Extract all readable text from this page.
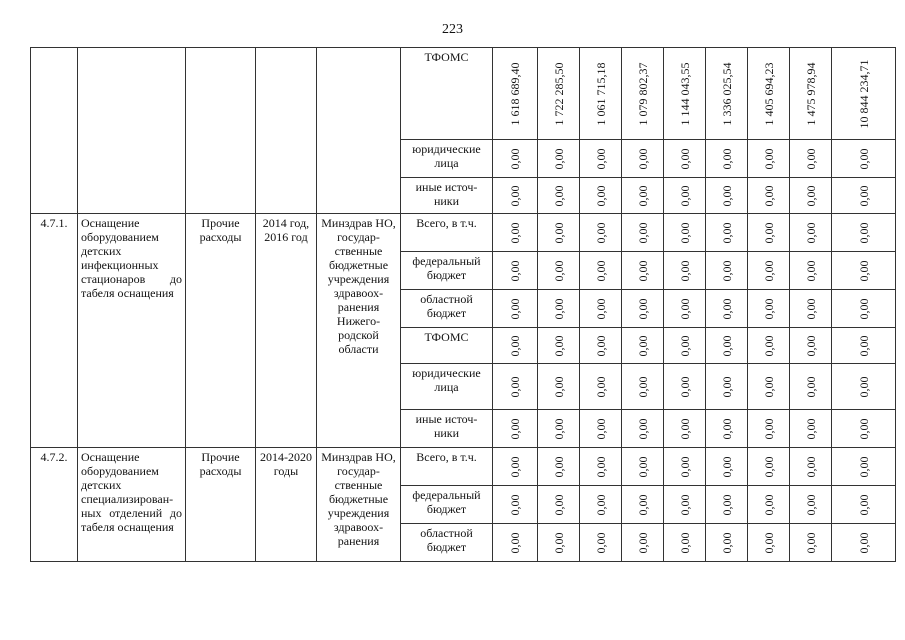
223
					ТФОМС	1 618 689,40	1 722 285,50	1 061 715,18	1 079 802,37	1 144 043,55	1 336 025,54	1 405 694,23	1 475 978,94	10 844 234,71

					юридические лица	0,00	0,00	0,00	0,00	0,00	0,00	0,00	0,00	0,00

					иные источ-ники	0,00	0,00	0,00	0,00	0,00	0,00	0,00	0,00	0,00

4.7.1.	Оснащение оборудованием детских инфекционных стационаров до табеля оснащения	Прочие расходы	2014 год, 2016 год	Минздрав НО, государ-ственные бюджетные учреждения здравоох-ранения Нижего-родской области	Всего, в т.ч.	0,00	0,00	0,00	0,00	0,00	0,00	0,00	0,00	0,00

					федеральный бюджет	0,00	0,00	0,00	0,00	0,00	0,00	0,00	0,00	0,00

					областной бюджет	0,00	0,00	0,00	0,00	0,00	0,00	0,00	0,00	0,00

					ТФОМС	0,00	0,00	0,00	0,00	0,00	0,00	0,00	0,00	0,00

					юридические лица	0,00	0,00	0,00	0,00	0,00	0,00	0,00	0,00	0,00

					иные источ-ники	0,00	0,00	0,00	0,00	0,00	0,00	0,00	0,00	0,00

4.7.2.	Оснащение оборудованием детских специализирован-ных отделений до табеля оснащения	Прочие расходы	2014-2020 годы	Минздрав НО, государ-ственные бюджетные учреждения здравоох-ранения	Всего, в т.ч.	0,00	0,00	0,00	0,00	0,00	0,00	0,00	0,00	0,00

					федеральный бюджет	0,00	0,00	0,00	0,00	0,00	0,00	0,00	0,00	0,00

					областной бюджет	0,00	0,00	0,00	0,00	0,00	0,00	0,00	0,00	0,00
